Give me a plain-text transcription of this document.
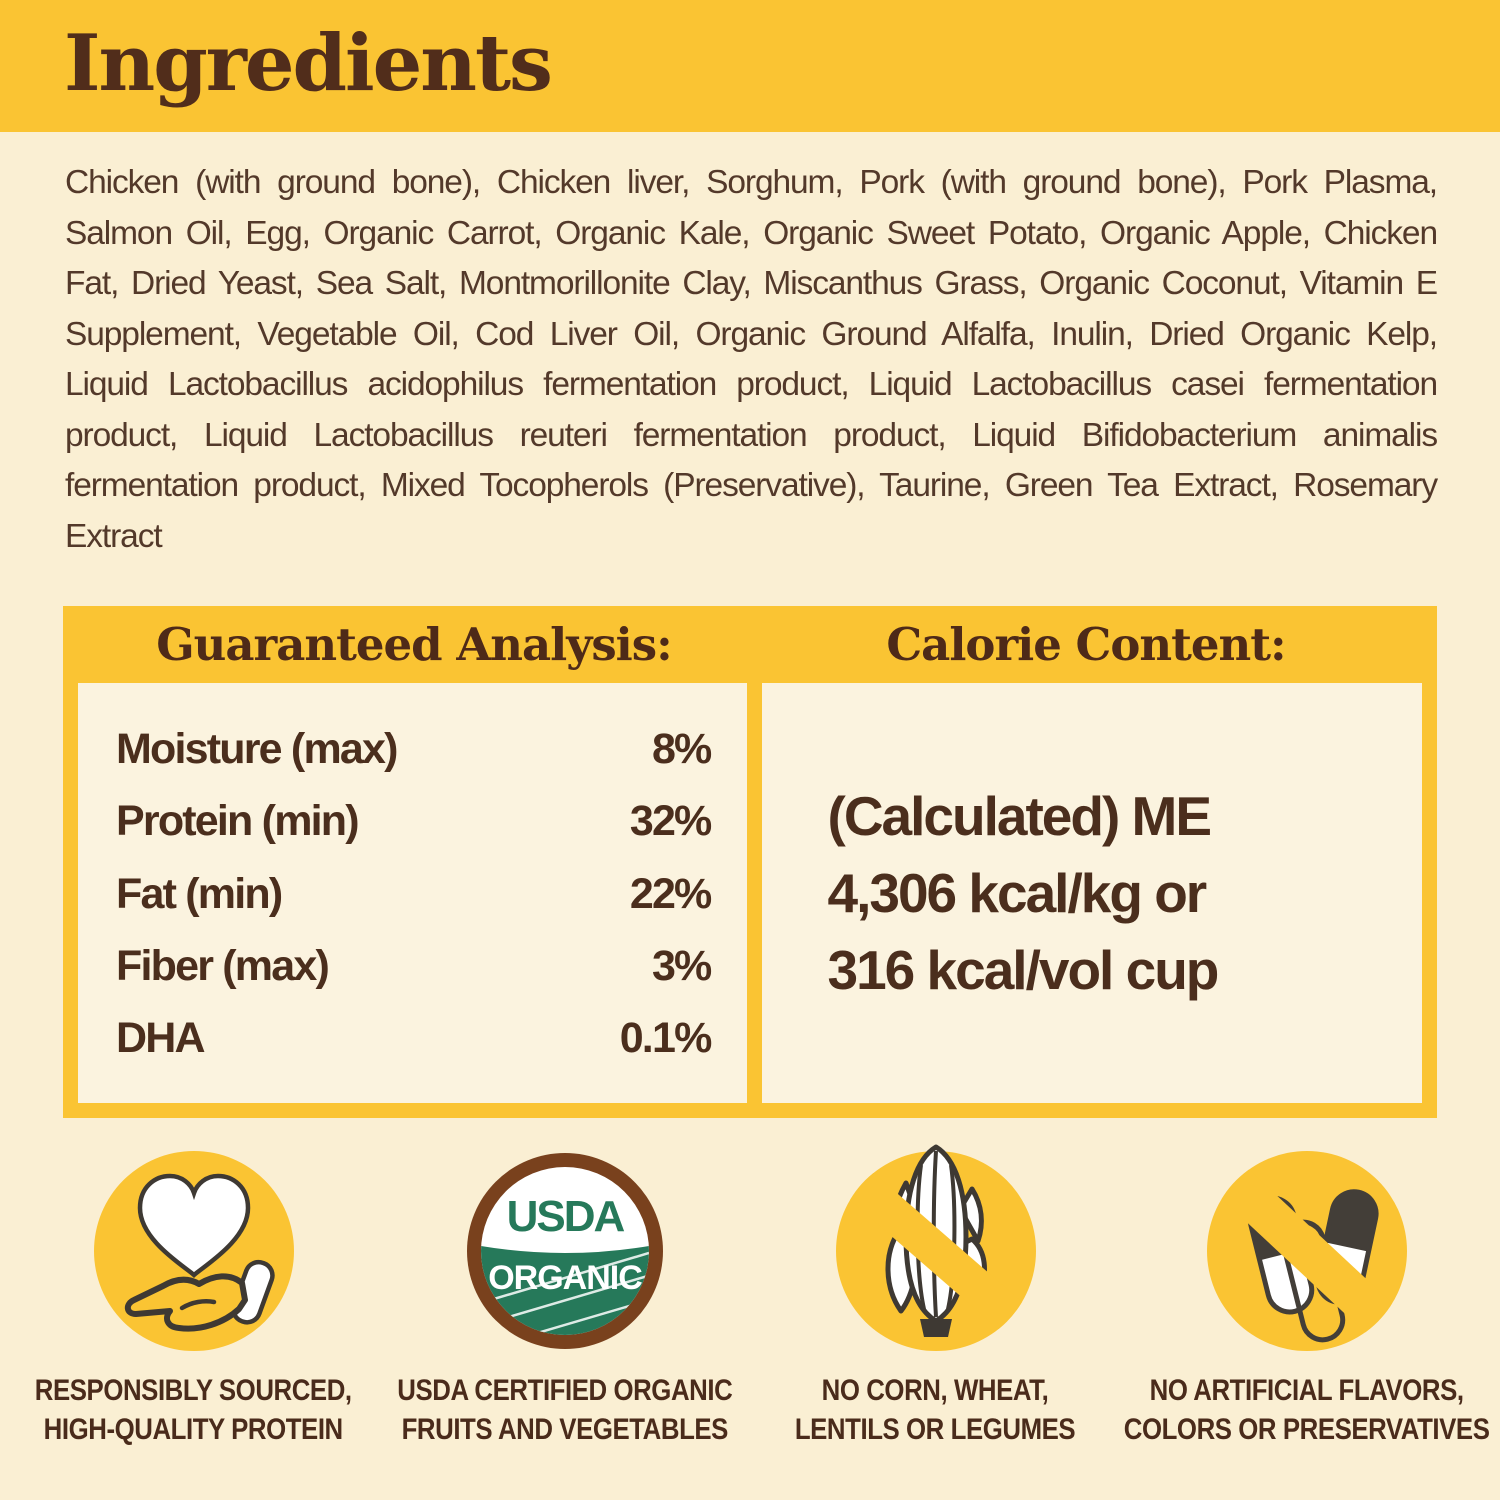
Ingredients

Chicken (with ground bone), Chicken liver, Sorghum, Pork (with ground bone), Pork Plasma, Salmon Oil, Egg, Organic Carrot, Organic Kale, Organic Sweet Potato, Organic Apple, Chicken Fat, Dried Yeast, Sea Salt, Montmorillonite Clay, Miscanthus Grass, Organic Coconut, Vitamin E Supplement, Vegetable Oil, Cod Liver Oil, Organic Ground Alfalfa, Inulin, Dried Organic Kelp, Liquid Lactobacillus acidophilus fermentation product, Liquid Lactobacillus casei fermentation product, Liquid Lactobacillus reuteri fermentation product, Liquid Bifidobacterium animalis fermentation product, Mixed Tocopherols (Preservative), Taurine, Green Tea Extract, Rosemary Extract

Guaranteed Analysis:	Calorie Content:
Moisture (max)	8%
Protein (min)	32%
Fat (min)	22%
Fiber (max)	3%
DHA	0.1%
(Calculated) ME
4,306 kcal/kg or
316 kcal/vol cup
RESPONSIBLY SOURCED,
HIGH-QUALITY PROTEIN
USDA
ORGANIC
USDA CERTIFIED ORGANIC
FRUITS AND VEGETABLES
NO CORN, WHEAT,
LENTILS OR LEGUMES
NO ARTIFICIAL FLAVORS,
COLORS OR PRESERVATIVES
